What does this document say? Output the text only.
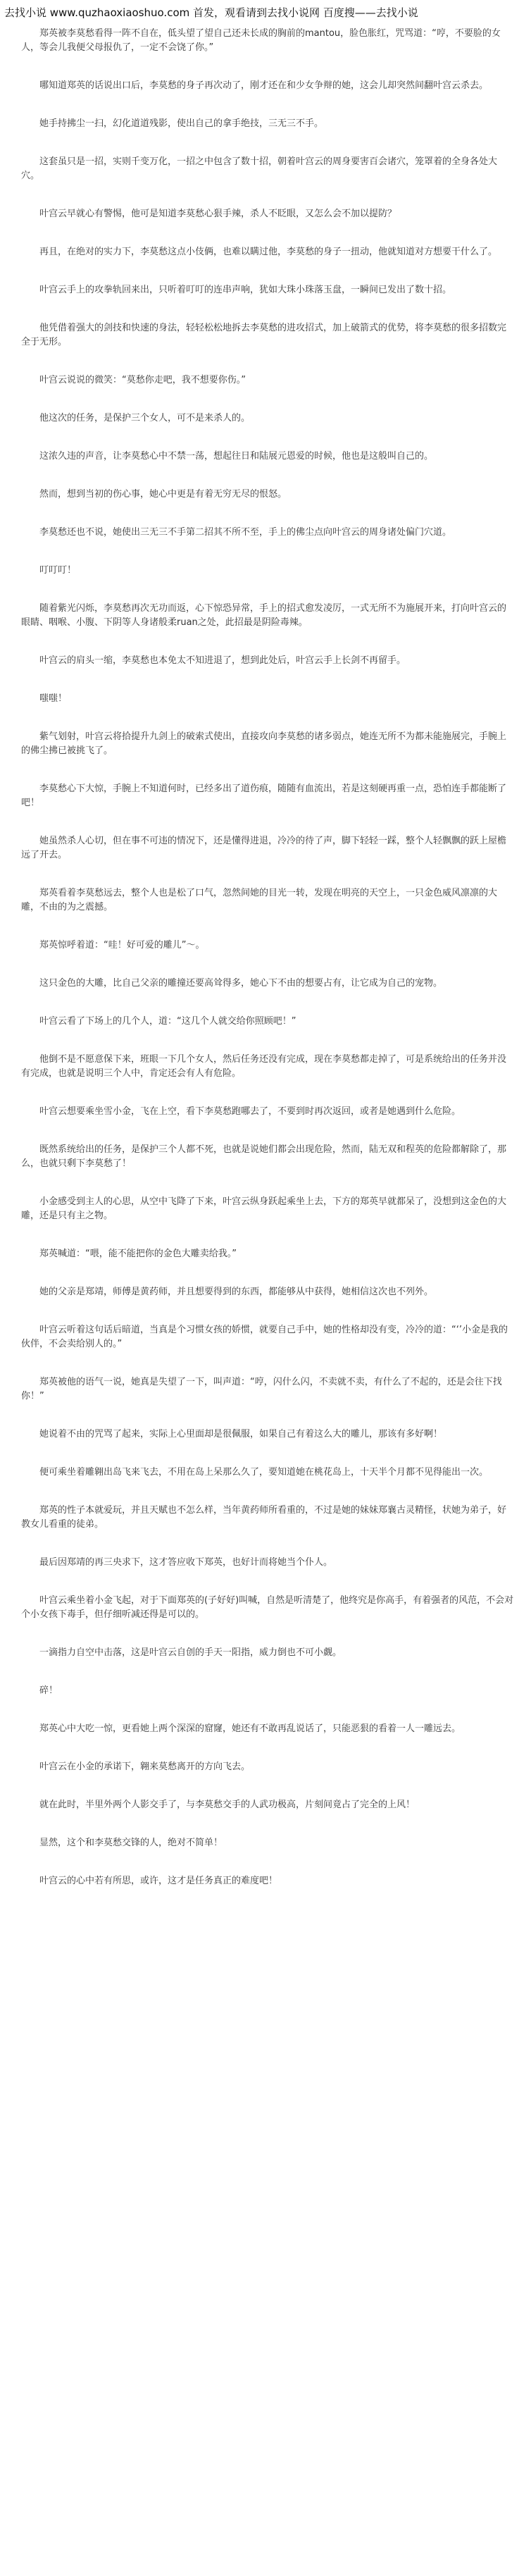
去找小说 www.quzhaoxiaoshuo.com 首发，观看请到去找小说网 百度搜——去找小说

郑英被李莫愁看得一阵不自在，低头望了望自己还未长成的胸前的mantou，脸色胀红，咒骂道：“哼，不要脸的女人，等会儿我便父母报仇了，一定不会饶了你。”

哪知道郑英的话说出口后，李莫愁的身子再次动了，刚才还在和少女争辩的她，这会儿却突然间翻叶宫云杀去。

她手持拂尘一扫，幻化道道残影，使出自己的拿手绝技，三无三不手。

这套虽只是一招，实则千变万化，一招之中包含了数十招，朝着叶宫云的周身要害百会诸穴，笼罩着的全身各处大穴。

叶宫云早就心有警惕，他可是知道李莫愁心狠手辣，杀人不眨眼，又怎么会不加以提防？

再且，在绝对的实力下，李莫愁这点小伎俩，也难以瞒过他，李莫愁的身子一扭动，他就知道对方想要干什么了。

叶宫云手上的攻拳轨回来出，只听着叮叮的连串声响，犹如大珠小珠落玉盘，一瞬间已发出了数十招。

他凭借着强大的剑技和快速的身法，轻轻松松地拆去李莫愁的进攻招式，加上破箭式的优势，将李莫愁的很多招数完全于无形。

叶宫云说说的微笑：“莫愁你走吧，我不想要你伤。”

他这次的任务，是保护三个女人，可不是来杀人的。

这浓久违的声音，让李莫愁心中不禁一荡，想起往日和陆展元恩爱的时候，他也是这般叫自己的。

然而，想到当初的伤心事，她心中更是有着无穷无尽的恨怒。

李莫愁还也不说，她使出三无三不手第二招其不所不至，手上的佛尘点向叶宫云的周身诸处偏门穴道。

叮叮叮！

随着紫光闪烁，李莫愁再次无功而返，心下惊恐异常，手上的招式愈发凌厉，一式无所不为施展开来，打向叶宫云的眼睛、咽喉、小腹、下阴等人身诸般柔ruan之处，此招最是阴险毒辣。

叶宫云的肩头一缩，李莫愁也本免太不知进退了，想到此处后，叶宫云手上长剑不再留手。

嗤嗤！

紫气划射，叶宫云将拾提升九剑上的破索式使出，直接攻向李莫愁的诸多弱点，她连无所不为都未能施展完，手腕上的佛尘拂已被挑飞了。

李莫愁心下大惊，手腕上不知道何时，已经多出了道伤痕，随随有血流出，若是这刻硬再重一点，恐怕连手都能断了吧！

她虽然杀人心切，但在事不可违的情况下，还是懂得进退，冷冷的待了声，脚下轻轻一踩，整个人轻飘飘的跃上屋檐远了开去。

郑英看着李莫愁远去，整个人也是松了口气，忽然间她的目光一转，发现在明亮的天空上，一只金色威风凛凛的大雕，不由的为之震撼。

郑英惊呼着道：“哇！好可爱的雕儿”～。

这只金色的大雕，比自己父亲的雕撞还要高耸得多，她心下不由的想要占有，让它成为自己的宠物。

叶宫云看了下场上的几个人，道：“这几个人就交给你照顾吧！”

他倒不是不愿意保下来，班眼一下几个女人，然后任务还没有完成，现在李莫愁都走掉了，可是系统给出的任务并没有完成，也就是说明三个人中，肯定还会有人有危险。

叶宫云想要乘坐雪小金，飞在上空，看下李莫愁跑哪去了，不要到时再次返回，或者是她遇到什么危险。

既然系统给出的任务，是保护三个人都不死，也就是说她们都会出现危险，然而，陆无双和程英的危险都解除了，那么，也就只剩下李莫愁了！

小金感受到主人的心思，从空中飞降了下来，叶宫云纵身跃起乘坐上去，下方的郑英早就都呆了，没想到这金色的大雕，还是只有主之物。

郑英喊道：“喂，能不能把你的金色大雕卖给我。”

她的父亲是郑靖，师傅是黄药师，并且想要得到的东西，都能够从中获得，她相信这次也不列外。

叶宫云听着这句话后暗道，当真是个习惯女孩的娇惯，就要自己手中，她的性格却没有变，冷冷的道：“‘’小金是我的伙伴，不会卖给别人的。”

郑英被他的语气一说，她真是失望了一下，叫声道：“哼，闪什么闪，不卖就不卖，有什么了不起的，还是会往下找你！”

她说着不由的咒骂了起来，实际上心里面却是很佩服，如果自己有着这么大的雕儿，那该有多好啊！

便可乘坐着雕翱出岛飞来飞去，不用在岛上呆那么久了，要知道她在桃花岛上，十天半个月都不见得能出一次。

郑英的性子本就爱玩，并且天赋也不怎么样，当年黄药师所看重的，不过是她的妹妹郑襄古灵精怪，状她为弟子，好教女儿看重的徒弟。

最后因郑靖的再三央求下，这才答应收下郑英，也好计而将她当个仆人。

叶宫云乘坐着小金飞起，对于下面郑英的(子好好)叫喊，自然是听清楚了，他终究是你高手，有着强者的风范，不会对个小女孩下毒手，但仔细听减还得是可以的。

一滴指力自空中击落，这是叶宫云自创的手天一阳指，威力倒也不可小觑。

碎！

郑英心中大吃一惊，更看她上两个深深的窟窿，她还有不敢再乱说话了，只能恶狠的看着一人一雕远去。

叶宫云在小金的承诺下，翱来莫愁离开的方向飞去。

就在此时，半里外两个人影交手了，与李莫愁交手的人武功极高，片刻间竟占了完全的上风！

显然，这个和李莫愁交锋的人，绝对不简单！

叶宫云的心中若有所思，或许，这才是任务真正的难度吧！
